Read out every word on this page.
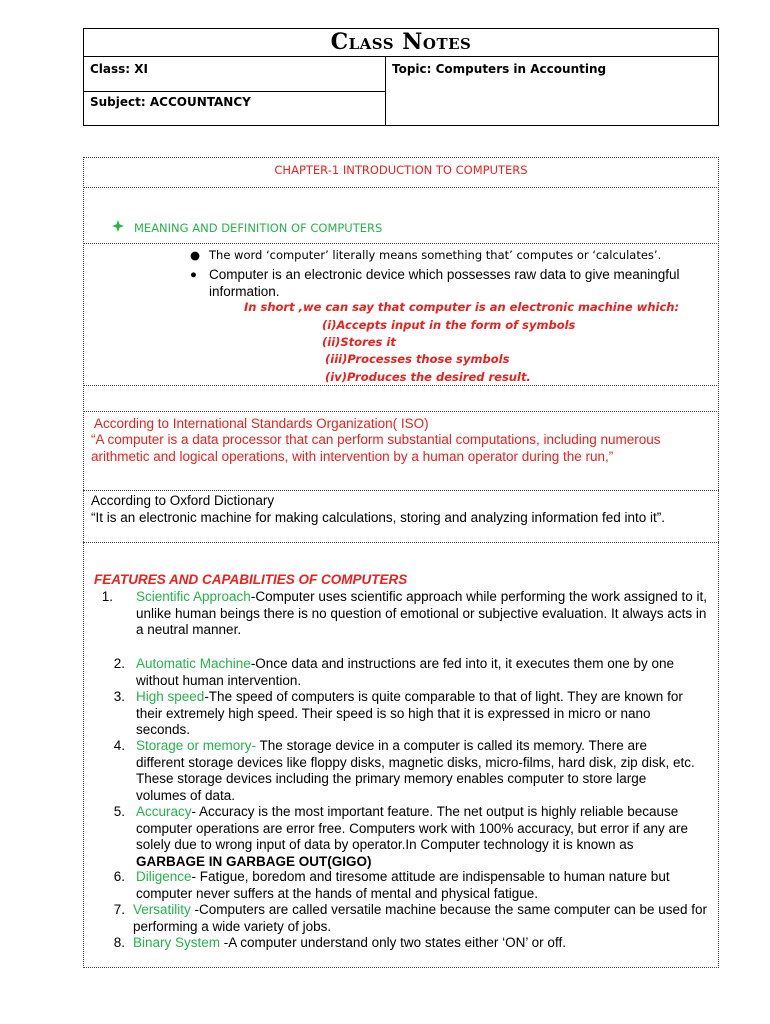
Class Notes
Class: XI
Subject: ACCOUNTANCY
Topic: Computers in Accounting
CHAPTER-1 INTRODUCTION TO COMPUTERS
MEANING AND DEFINITION OF COMPUTERS
● The word ‘computer’ literally means something that’ computes or ‘calculates’.
● Computer is an electronic device which possesses raw data to give meaningful information.
In short ,we can say that computer is an electronic machine which:
(i)Accepts input in the form of symbols
(ii)Stores it
(iii)Processes those symbols
(iv)Produces the desired result.
According to International Standards Organization( ISO)
“A computer is a data processor that can perform substantial computations, including numerous arithmetic and logical operations, with intervention by a human operator during the run,”
According to Oxford Dictionary
“It is an electronic machine for making calculations, storing and analyzing information fed into it”.
FEATURES AND CAPABILITIES OF COMPUTERS
1. Scientific Approach-Computer uses scientific approach while performing the work assigned to it, unlike human beings there is no question of emotional or subjective evaluation. It always acts in a neutral manner.
2. Automatic Machine-Once data and instructions are fed into it, it executes them one by one without human intervention.
3. High speed-The speed of computers is quite comparable to that of light. They are known for their extremely high speed. Their speed is so high that it is expressed in micro or nano seconds.
4. Storage or memory- The storage device in a computer is called its memory. There are different storage devices like floppy disks, magnetic disks, micro-films, hard disk, zip disk, etc. These storage devices including the primary memory enables computer to store large volumes of data.
5. Accuracy- Accuracy is the most important feature. The net output is highly reliable because computer operations are error free. Computers work with 100% accuracy, but error if any are solely due to wrong input of data by operator.In Computer technology it is known as
GARBAGE IN GARBAGE OUT(GIGO)
6. Diligence- Fatigue, boredom and tiresome attitude are indispensable to human nature but computer never suffers at the hands of mental and physical fatigue.
7. Versatility -Computers are called versatile machine because the same computer can be used for performing a wide variety of jobs.
8. Binary System -A computer understand only two states either ‘ON’ or off.
